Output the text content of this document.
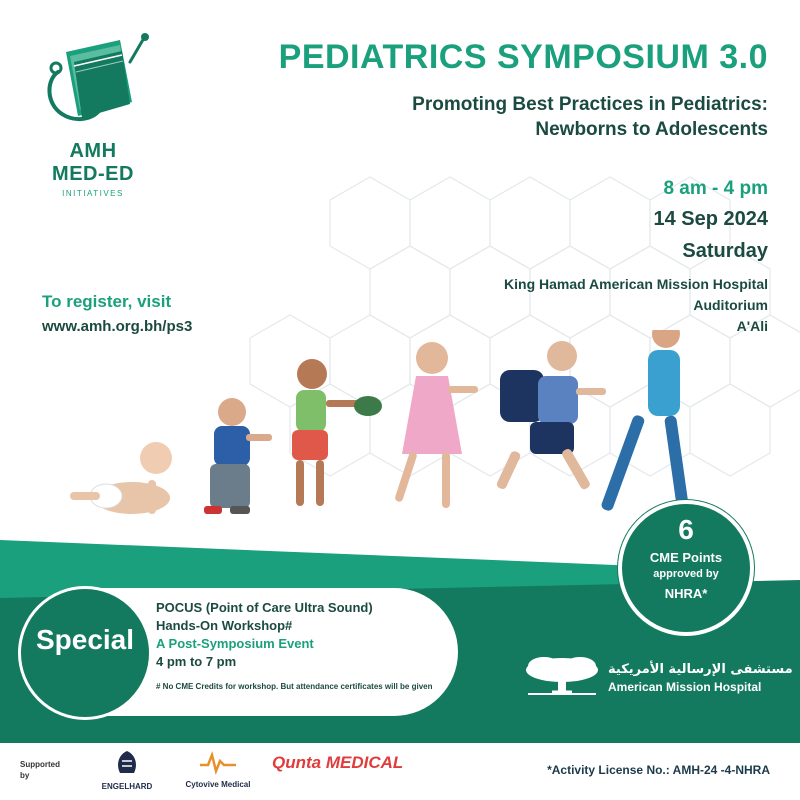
AMH
MED-ED
INITIATIVES
PEDIATRICS SYMPOSIUM 3.0
Promoting Best Practices in Pediatrics:
Newborns to Adolescents
8 am - 4 pm
14 Sep 2024
Saturday
King Hamad American Mission Hospital
Auditorium
A'Ali
To register, visit
www.amh.org.bh/ps3
6
CME Points
approved by
NHRA*
Special
POCUS (Point of Care Ultra Sound)
Hands-On Workshop#
A Post-Symposium Event
4 pm to 7 pm
# No CME Credits for workshop. But attendance certificates will be given
مستشفى الإرسالية الأمريكية
American Mission Hospital
Supported by
ENGELHARD	Cytovive Medical
Qunta MEDICAL	*Activity License No.: AMH-24 -4-NHRA
